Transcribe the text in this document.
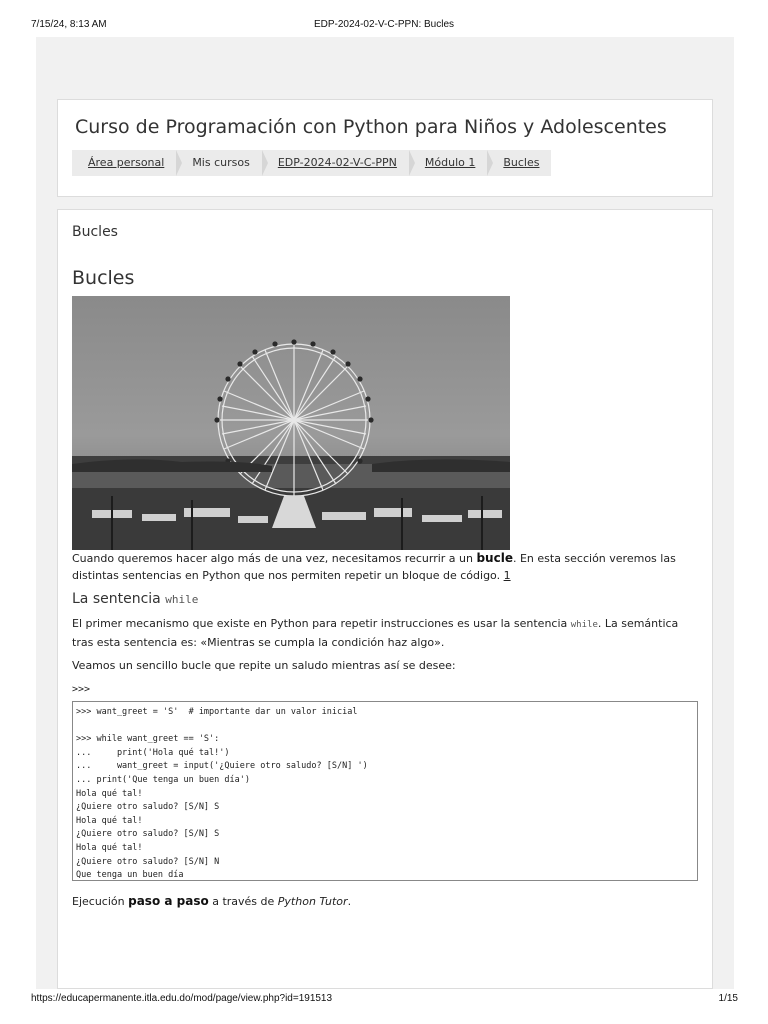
7/15/24, 8:13 AM	EDP-2024-02-V-C-PPN: Bucles
Curso de Programación con Python para Niños y Adolescentes
Área personal	Mis cursos	EDP-2024-02-V-C-PPN	Módulo 1	Bucles
Bucles
Bucles
Cuando queremos hacer algo más de una vez, necesitamos recurrir a un bucle. En esta sección veremos las distintas sentencias en Python que nos permiten repetir un bloque de código. 1
La sentencia while
El primer mecanismo que existe en Python para repetir instrucciones es usar la sentencia while. La semántica tras esta sentencia es: «Mientras se cumpla la condición haz algo».
Veamos un sencillo bucle que repite un saludo mientras así se desee:
>>>
>>> want_greet = 'S'  # importante dar un valor inicial
>>> while want_greet == 'S':
...     print('Hola qué tal!')
...     want_greet = input('¿Quiere otro saludo? [S/N] ')
... print('Que tenga un buen día')
Hola qué tal!
¿Quiere otro saludo? [S/N] S
Hola qué tal!
¿Quiere otro saludo? [S/N] S
Hola qué tal!
¿Quiere otro saludo? [S/N] N
Que tenga un buen día
Ejecución paso a paso a través de Python Tutor.
https://educapermanente.itla.edu.do/mod/page/view.php?id=191513	1/15
